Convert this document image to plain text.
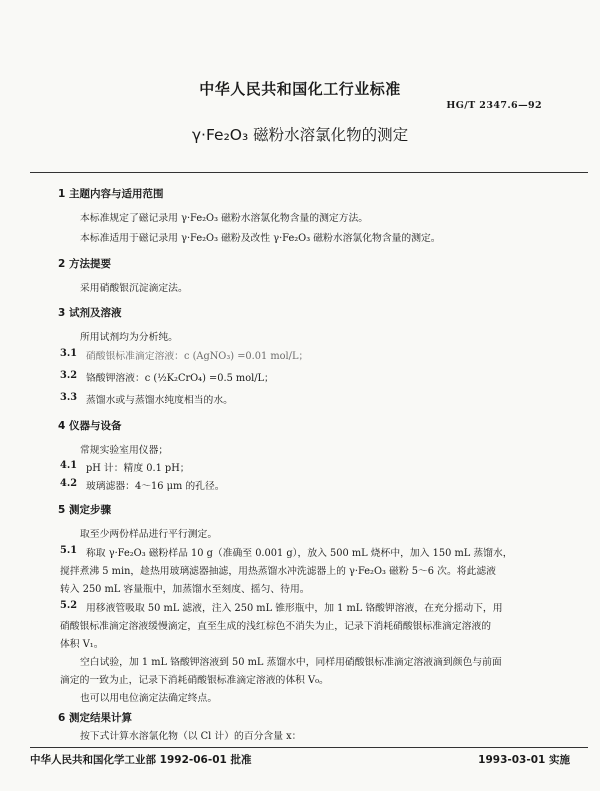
中华人民共和国化工行业标准
HG/T 2347.6—92
γ·Fe₂O₃ 磁粉水溶氯化物的测定
1 主题内容与适用范围
本标准规定了磁记录用 γ·Fe₂O₃ 磁粉水溶氯化物含量的测定方法。
本标准适用于磁记录用 γ·Fe₂O₃ 磁粉及改性 γ·Fe₂O₃ 磁粉水溶氯化物含量的测定。
2 方法提要
采用硝酸银沉淀滴定法。
3 试剂及溶液
所用试剂均为分析纯。
3.1 硝酸银标准滴定溶液：c (AgNO₃) =0.01 mol/L；
3.2 铬酸钾溶液：c (½K₂CrO₄) =0.5 mol/L；
3.3 蒸馏水或与蒸馏水纯度相当的水。
4 仪器与设备
常规实验室用仪器；
4.1 pH 计：精度 0.1 pH；
4.2 玻璃滤器：4～16 μm 的孔径。
5 测定步骤
取至少两份样品进行平行测定。
5.1 称取 γ·Fe₂O₃ 磁粉样品 10 g（准确至 0.001 g），放入 500 mL 烧杯中，加入 150 mL 蒸馏水，
搅拌煮沸 5 min，趁热用玻璃滤器抽滤，用热蒸馏水冲洗滤器上的 γ·Fe₂O₃ 磁粉 5～6 次。将此滤液
转入 250 mL 容量瓶中，加蒸馏水至刻度、摇匀、待用。
5.2 用移液管吸取 50 mL 滤液，注入 250 mL 锥形瓶中，加 1 mL 铬酸钾溶液，在充分摇动下，用
硝酸银标准滴定溶液缓慢滴定，直至生成的浅红棕色不消失为止，记录下消耗硝酸银标准滴定溶液的
体积 V₁。
空白试验，加 1 mL 铬酸钾溶液到 50 mL 蒸馏水中，同样用硝酸银标准滴定溶液滴到颜色与前面
滴定的一致为止，记录下消耗硝酸银标准滴定溶液的体积 V₀。
也可以用电位滴定法确定终点。
6 测定结果计算
按下式计算水溶氯化物（以 Cl 计）的百分含量 x：
中华人民共和国化学工业部 1992-06-01 批准	1993-03-01 实施
